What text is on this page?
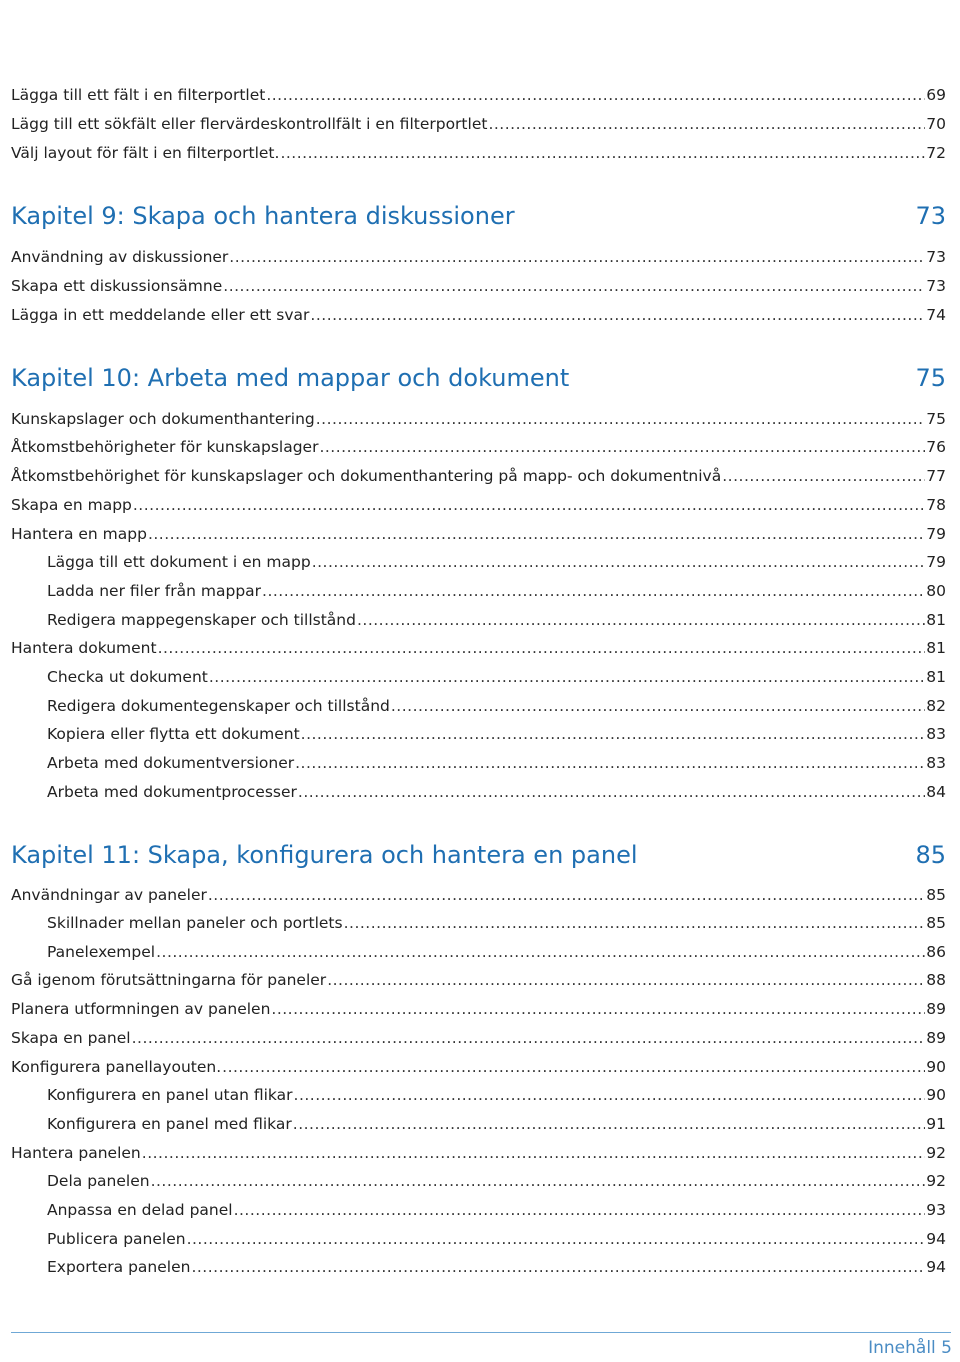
Lägga till ett fält i en filterportlet .....	69
Lägg till ett sökfält eller flervärdeskontrollfält i en filterportlet .....	70
Välj layout för fält i en filterportlet. .....	72
Kapitel 9: Skapa och hantera diskussioner	73
Användning av diskussioner .....	73
Skapa ett diskussionsämne .....	73
Lägga in ett meddelande eller ett svar .....	74
Kapitel 10: Arbeta med mappar och dokument	75
Kunskapslager och dokumenthantering .....	75
Åtkomstbehörigheter för kunskapslager .....	76
Åtkomstbehörighet för kunskapslager och dokumenthantering på mapp- och dokumentnivå .....	77
Skapa en mapp .....	78
Hantera en mapp .....	79
Lägga till ett dokument i en mapp .....	79
Ladda ner filer från mappar .....	80
Redigera mappegenskaper och tillstånd .....	81
Hantera dokument .....	81
Checka ut dokument .....	81
Redigera dokumentegenskaper och tillstånd .....	82
Kopiera eller flytta ett dokument .....	83
Arbeta med dokumentversioner .....	83
Arbeta med dokumentprocesser .....	84
Kapitel 11: Skapa, konfigurera och hantera en panel	85
Användningar av paneler .....	85
Skillnader mellan paneler och portlets .....	85
Panelexempel .....	86
Gå igenom förutsättningarna för paneler .....	88
Planera utformningen av panelen .....	89
Skapa en panel .....	89
Konfigurera panellayouten. .....	90
Konfigurera en panel utan flikar .....	90
Konfigurera en panel med flikar .....	91
Hantera panelen .....	92
Dela panelen .....	92
Anpassa en delad panel .....	93
Publicera panelen .....	94
Exportera panelen .....	94
Innehåll 5
